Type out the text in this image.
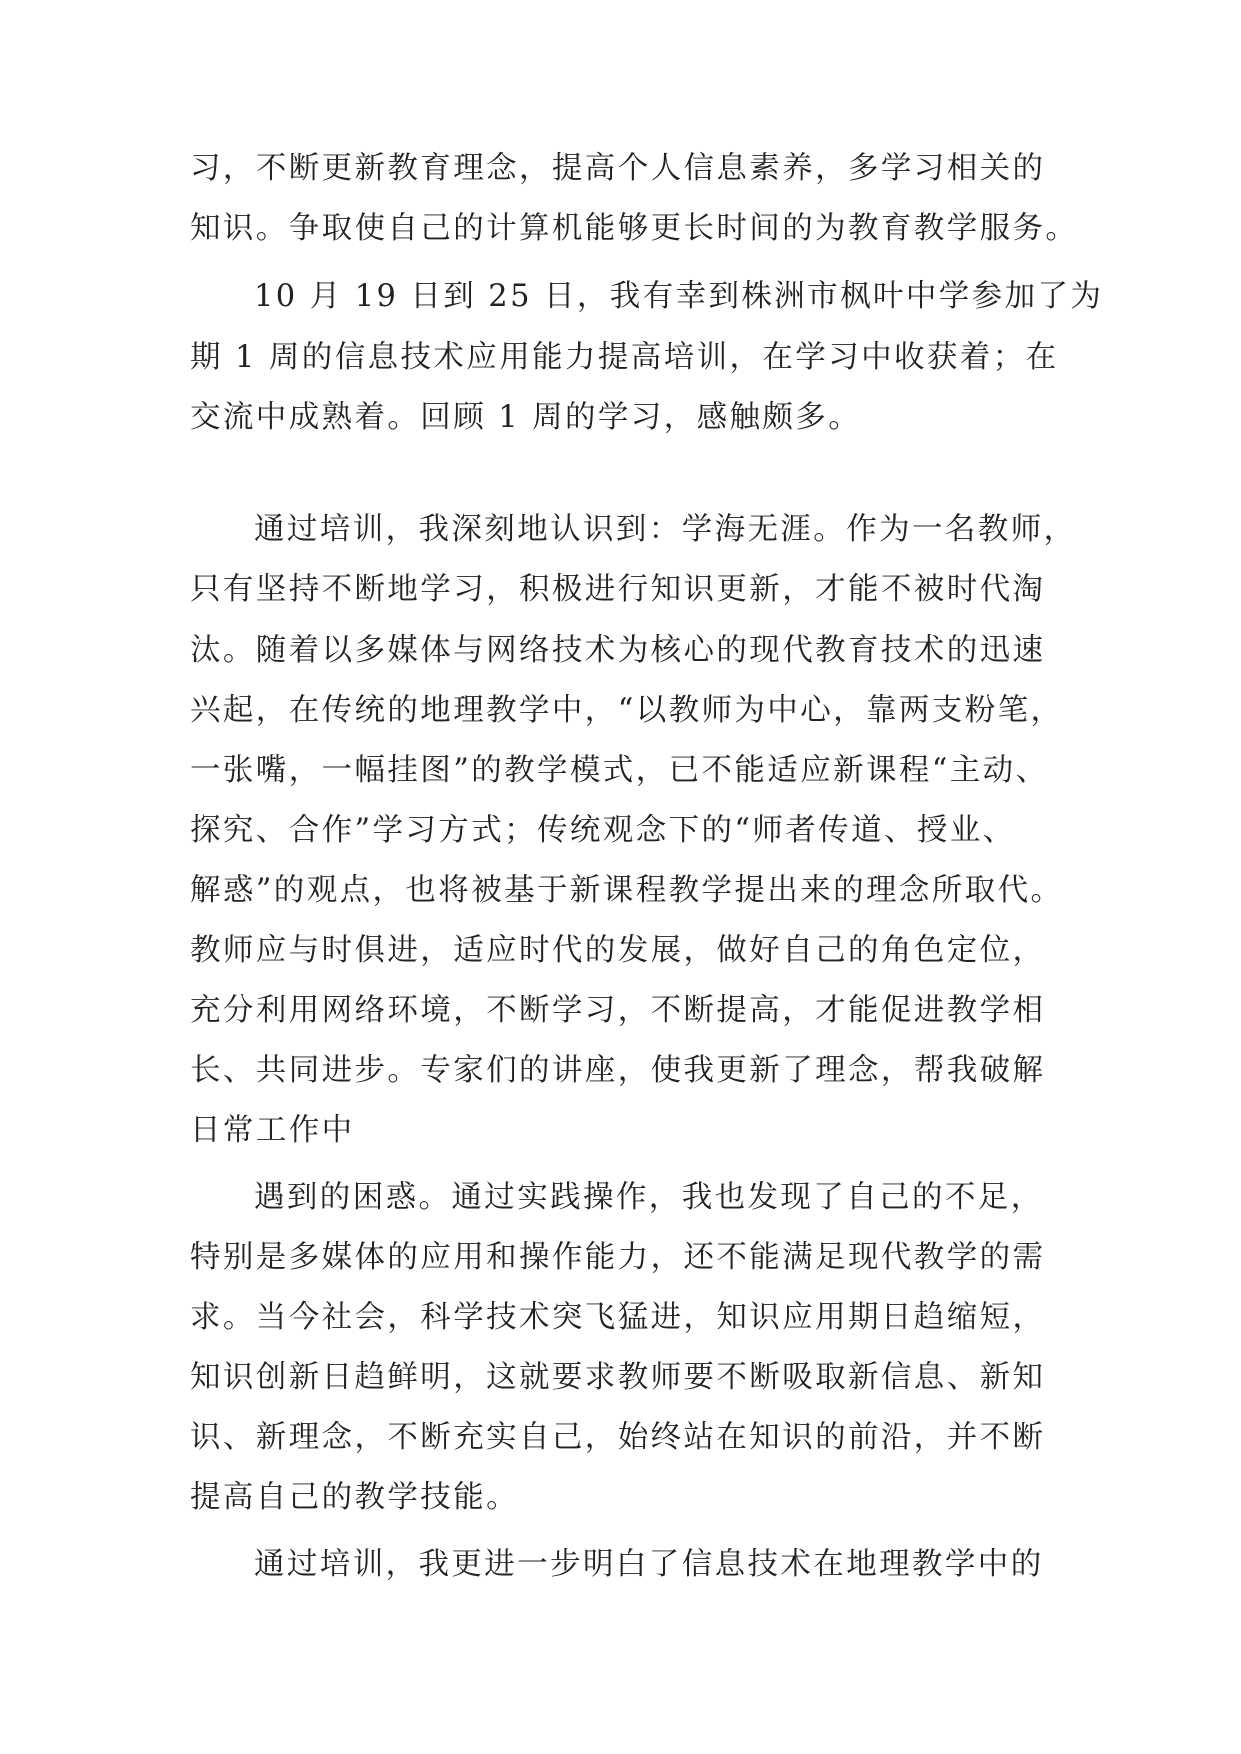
习，不断更新教育理念，提高个人信息素养，多学习相关的
知识。争取使自己的计算机能够更长时间的为教育教学服务。
10 月 19 日到 25 日，我有幸到株洲市枫叶中学参加了为
期 1 周的信息技术应用能力提高培训，在学习中收获着；在
交流中成熟着。回顾 1 周的学习，感触颇多。
通过培训，我深刻地认识到：学海无涯。作为一名教师，
只有坚持不断地学习，积极进行知识更新，才能不被时代淘
汰。随着以多媒体与网络技术为核心的现代教育技术的迅速
兴起，在传统的地理教学中，“以教师为中心，靠两支粉笔，
一张嘴，一幅挂图”的教学模式，已不能适应新课程“主动、
探究、合作”学习方式；传统观念下的“师者传道、授业、
解惑”的观点，也将被基于新课程教学提出来的理念所取代。
教师应与时俱进，适应时代的发展，做好自己的角色定位，
充分利用网络环境，不断学习，不断提高，才能促进教学相
长、共同进步。专家们的讲座，使我更新了理念，帮我破解
日常工作中
遇到的困惑。通过实践操作，我也发现了自己的不足，
特别是多媒体的应用和操作能力，还不能满足现代教学的需
求。当今社会，科学技术突飞猛进，知识应用期日趋缩短，
知识创新日趋鲜明，这就要求教师要不断吸取新信息、新知
识、新理念，不断充实自己，始终站在知识的前沿，并不断
提高自己的教学技能。
通过培训，我更进一步明白了信息技术在地理教学中的
